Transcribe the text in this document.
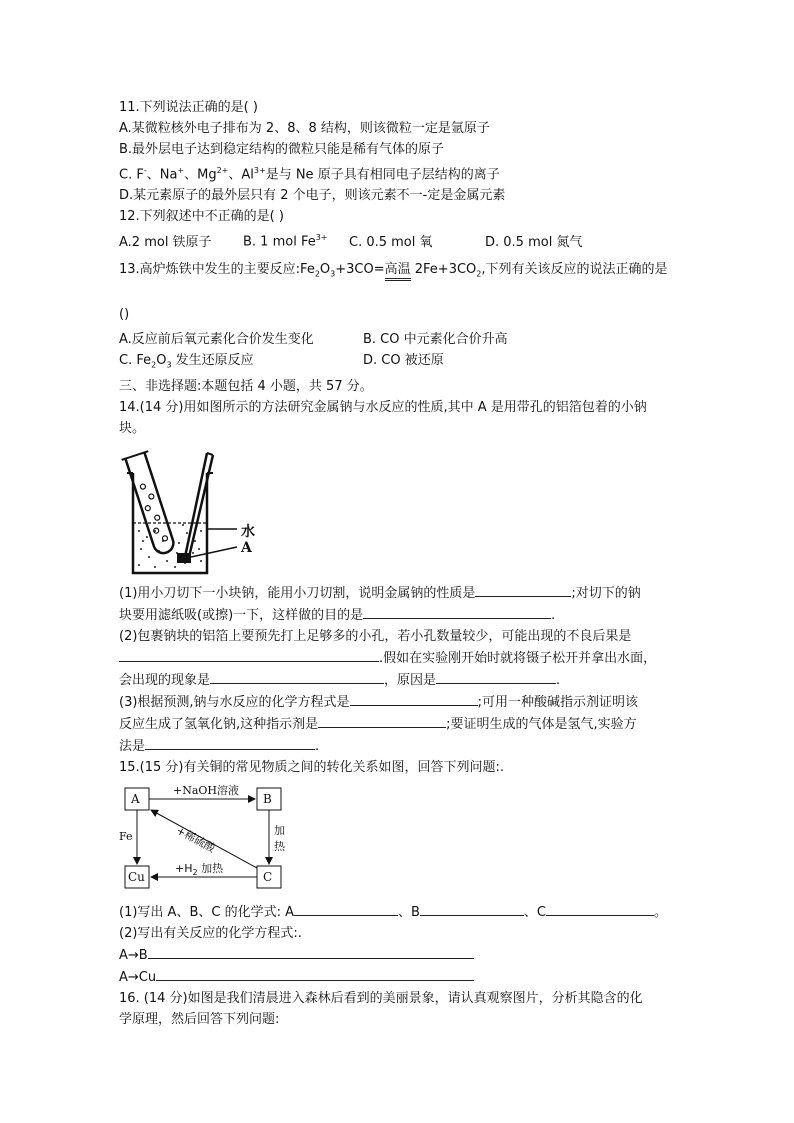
11.下列说法正确的是( )
A.某微粒核外电子排布为 2、8、8 结构，则该微粒一定是氩原子
B.最外层电子达到稳定结构的微粒只能是稀有气体的原子
C. F-、Na+、$Mg^{2+}$、$Al^{3+}$是与 Ne 原子具有相同电子层结构的离子
D.某元素原子的最外层只有 2 个电子，则该元素不一-定是金属元素
12.下列叙述中不正确的是( )
A.2 mol 铁原子 B. 1 mol $Fe^{3+}$ C. 0.5 mol 氧	D. 0.5 mol 氮气
13.高炉炼铁中发生的主要反应$:Fe_2O_3+3CO=$高温 $2Fe+3CO_2$,下列有关该反应的说法正确的是
()
A.反应前后氧元素化合价发生变化	B. CO 中元素化合价升高
C. $Fe_2O_3$ 发生还原反应	D. CO 被还原
三、非选择题:本题包括 4 小题，共 57 分。
14.(14 分)用如图所示的方法研究金属钠与水反应的性质,其中 A 是用带孔的铝箔包着的小钠
块。
水
A
(1)用小刀切下一小块钠，能用小刀切割，说明金属钠的性质是	;对切下的钠
块要用滤纸吸(或擦)一下，这样做的目的是	.
(2)包裹钠块的铝箔上要预先打上足够多的小孔，若小孔数量较少，可能出现的不良后果是
.假如在实验刚开始时就将镊子松开并拿出水面，
会出现的现象是	，原因是	.
(3)根据预测,钠与水反应的化学方程式是	;可用一种酸碱指示剂证明该
反应生成了氢氧化钠,这种指示剂是	;要证明生成的气体是氢气,实验方
法是	.
15.(15 分)有关铜的常见物质之间的转化关系如图，回答下列问题:.
A	B
C
Cu
+NaOH溶液
Fe	+稀硫酸	加
热
$+H_2$ 加热
(1)写出 A、B、C 的化学式: A	、B	、C	。
(2)写出有关反应的化学方程式:.
A→B
A→Cu
16. (14 分)如图是我们清晨进入森林后看到的美丽景象，请认真观察图片，分析其隐含的化
学原理，然后回答下列问题:
